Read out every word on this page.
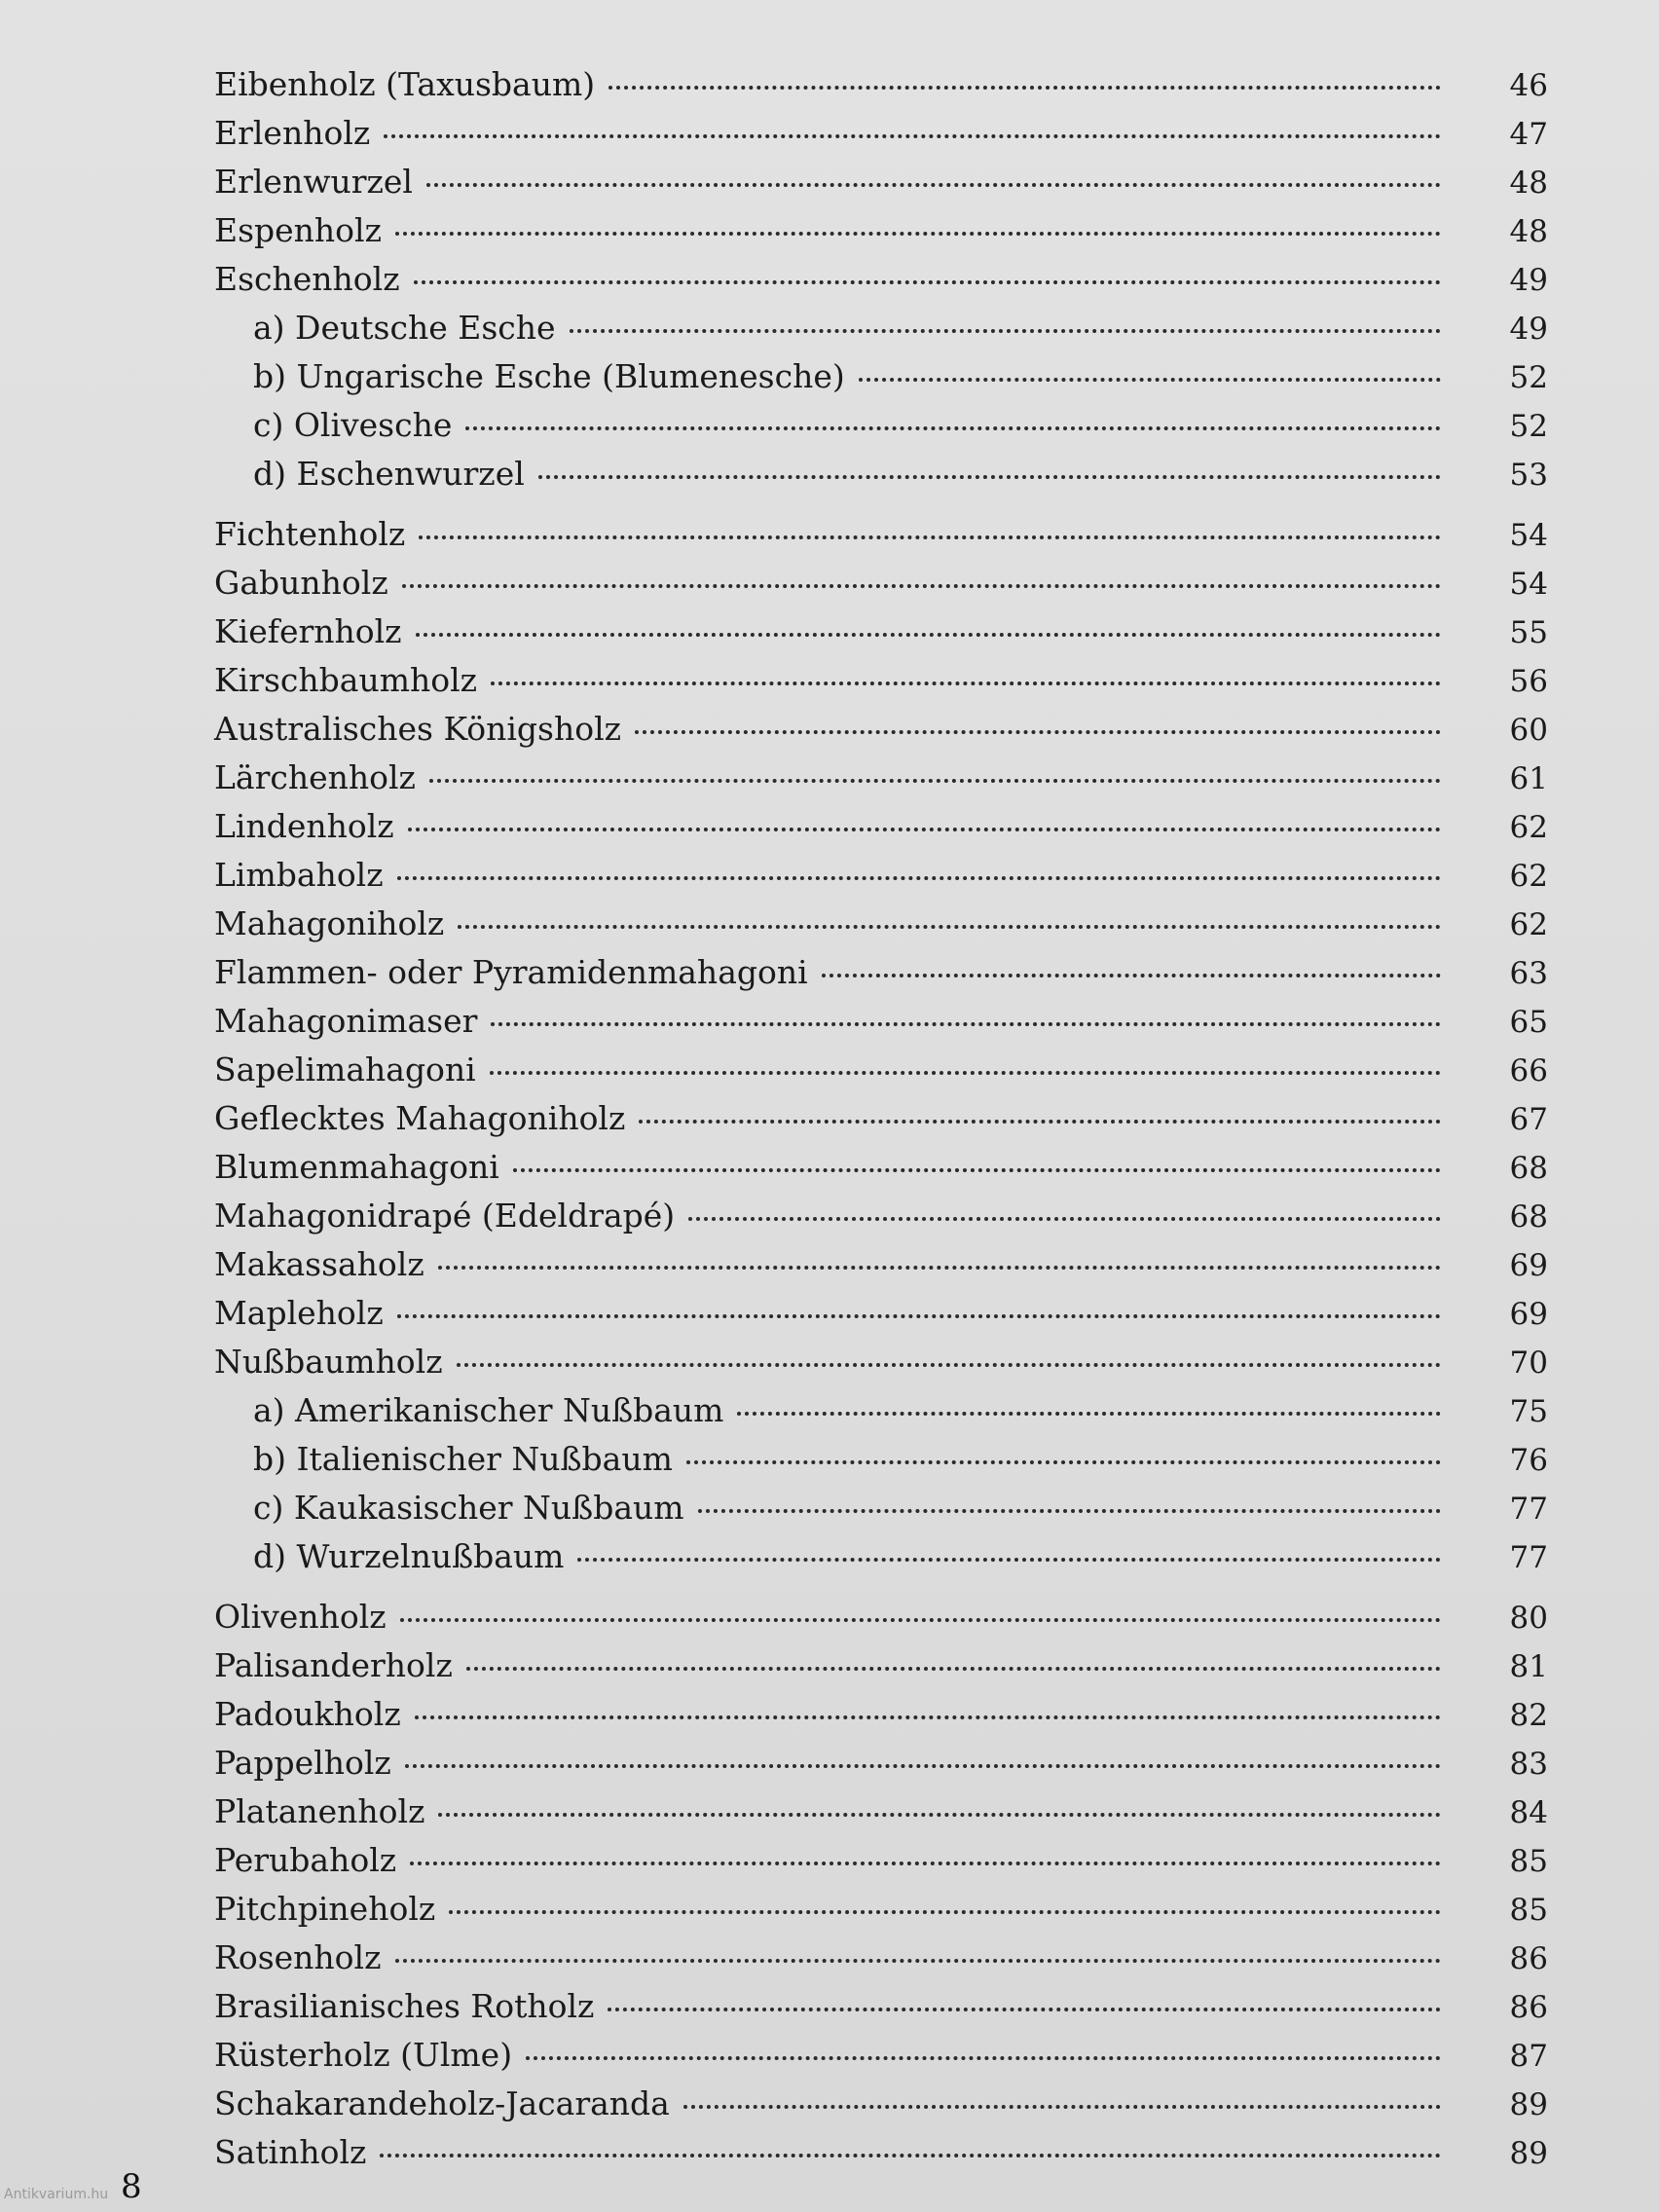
Eibenholz (Taxusbaum)	46
Erlenholz	47
Erlenwurzel	48
Espenholz	48
Eschenholz	49
a) Deutsche Esche	49
b) Ungarische Esche (Blumenesche)	52
c) Olivesche	52
d) Eschenwurzel	53
Fichtenholz	54
Gabunholz	54
Kiefernholz	55
Kirschbaumholz	56
Australisches Königsholz	60
Lärchenholz	61
Lindenholz	62
Limbaholz	62
Mahagoniholz	62
Flammen- oder Pyramidenmahagoni	63
Mahagonimaser	65
Sapelimahagoni	66
Geflecktes Mahagoniholz	67
Blumenmahagoni	68
Mahagonidrapé (Edeldrapé)	68
Makassaholz	69
Mapleholz	69
Nußbaumholz	70
a) Amerikanischer Nußbaum	75
b) Italienischer Nußbaum	76
c) Kaukasischer Nußbaum	77
d) Wurzelnußbaum	77
Olivenholz	80
Palisanderholz	81
Padoukholz	82
Pappelholz	83
Platanenholz	84
Perubaholz	85
Pitchpineholz	85
Rosenholz	86
Brasilianisches Rotholz	86
Rüsterholz (Ulme)	87
Schakarandeholz-Jacaranda	89
Satinholz	89
8
Antikvarium.hu
